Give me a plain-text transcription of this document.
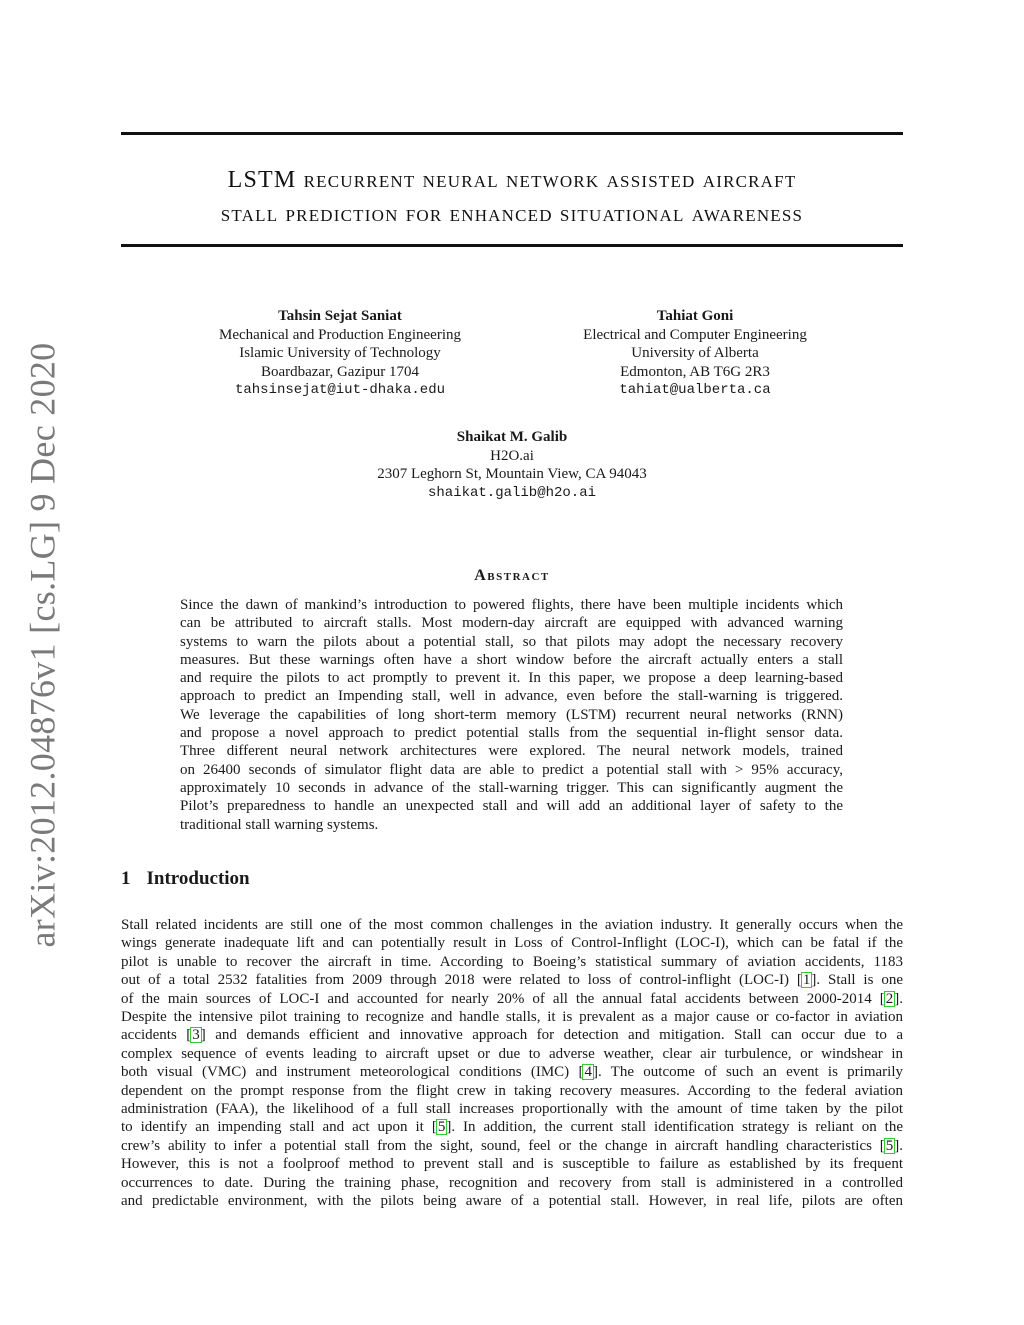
arXiv:2012.04876v1 [cs.LG] 9 Dec 2020
LSTM recurrent neural network assisted aircraft
stall prediction for enhanced situational awareness
Tahsin Sejat Saniat
Mechanical and Production Engineering
Islamic University of Technology
Boardbazar, Gazipur 1704
tahsinsejat@iut-dhaka.edu
Tahiat Goni
Electrical and Computer Engineering
University of Alberta
Edmonton, AB T6G 2R3
tahiat@ualberta.ca
Shaikat M. Galib
H2O.ai
2307 Leghorn St, Mountain View, CA 94043
shaikat.galib@h2o.ai
Abstract
Since the dawn of mankind’s introduction to powered flights, there have been multiple incidents which
can be attributed to aircraft stalls. Most modern-day aircraft are equipped with advanced warning
systems to warn the pilots about a potential stall, so that pilots may adopt the necessary recovery
measures. But these warnings often have a short window before the aircraft actually enters a stall
and require the pilots to act promptly to prevent it. In this paper, we propose a deep learning-based
approach to predict an Impending stall, well in advance, even before the stall-warning is triggered.
We leverage the capabilities of long short-term memory (LSTM) recurrent neural networks (RNN)
and propose a novel approach to predict potential stalls from the sequential in-flight sensor data.
Three different neural network architectures were explored. The neural network models, trained
on 26400 seconds of simulator flight data are able to predict a potential stall with > 95% accuracy,
approximately 10 seconds in advance of the stall-warning trigger. This can significantly augment the
Pilot’s preparedness to handle an unexpected stall and will add an additional layer of safety to the
traditional stall warning systems.
1 Introduction
Stall related incidents are still one of the most common challenges in the aviation industry. It generally occurs when the
wings generate inadequate lift and can potentially result in Loss of Control-Inflight (LOC-I), which can be fatal if the
pilot is unable to recover the aircraft in time. According to Boeing’s statistical summary of aviation accidents, 1183
out of a total 2532 fatalities from 2009 through 2018 were related to loss of control-inflight (LOC-I) [1]. Stall is one
of the main sources of LOC-I and accounted for nearly 20% of all the annual fatal accidents between 2000-2014 [2].
Despite the intensive pilot training to recognize and handle stalls, it is prevalent as a major cause or co-factor in aviation
accidents [3] and demands efficient and innovative approach for detection and mitigation. Stall can occur due to a
complex sequence of events leading to aircraft upset or due to adverse weather, clear air turbulence, or windshear in
both visual (VMC) and instrument meteorological conditions (IMC) [4]. The outcome of such an event is primarily
dependent on the prompt response from the flight crew in taking recovery measures. According to the federal aviation
administration (FAA), the likelihood of a full stall increases proportionally with the amount of time taken by the pilot
to identify an impending stall and act upon it [5]. In addition, the current stall identification strategy is reliant on the
crew’s ability to infer a potential stall from the sight, sound, feel or the change in aircraft handling characteristics [5].
However, this is not a foolproof method to prevent stall and is susceptible to failure as established by its frequent
occurrences to date. During the training phase, recognition and recovery from stall is administered in a controlled
and predictable environment, with the pilots being aware of a potential stall. However, in real life, pilots are often
